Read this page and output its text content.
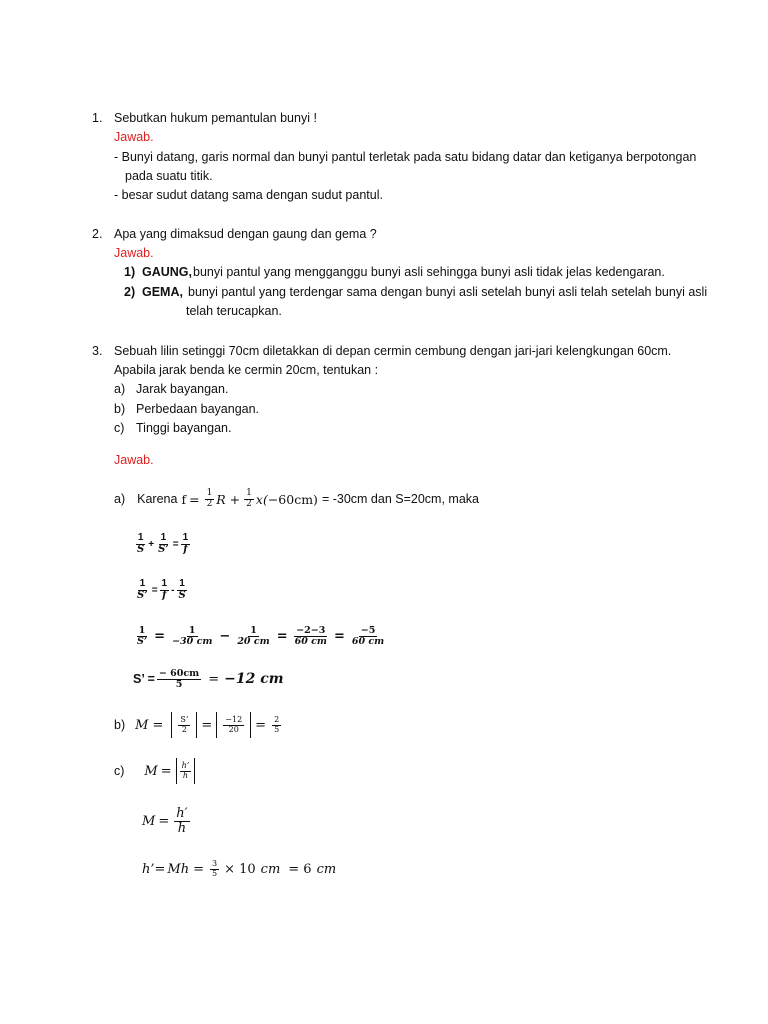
1. Sebutkan hukum pemantulan bunyi !
Jawab.
- Bunyi datang, garis normal dan bunyi pantul terletak pada satu bidang datar dan ketiganya berpotongan
pada suatu titik.
- besar sudut datang sama dengan sudut pantul.
2. Apa yang dimaksud dengan gaung dan gema ?
Jawab.
1) GAUNG, bunyi pantul yang mengganggu bunyi asli sehingga bunyi asli tidak jelas kedengaran.
2) GEMA, bunyi pantul yang terdengar sama dengan bunyi asli setelah bunyi asli telah setelah bunyi asli
telah terucapkan.
3. Sebuah lilin setinggi 70cm diletakkan di depan cermin cembung dengan jari-jari kelengkungan 60cm.
Apabila jarak benda ke cermin 20cm, tentukan :
a) Jarak bayangan.
b) Perbedaan bayangan.
c) Tinggi bayangan.
Jawab.
a) Karena $f = \frac{1}{2}$ $R + \frac{1}{2} x( -60cm) = -30cm$ dan S=20cm, maka
$\frac{1}{S} + \frac{1}{S’} = \frac{1}{f}$
$\frac{1}{S’} = \frac{1}{f} - \frac{1}{S}$
$\frac{1}{S’} = \frac{1}{-30 cm} - \frac{1}{20 cm} = \frac{-2-3}{60 cm} = \frac{-5}{60 cm}$
S’ = $\frac{- 60cm}{5} = -12$ cm
b) $M = \frac{S’}{2} = \frac{-12}{20} = \frac{2}{5}$
c) $M = \frac{h’}{h}$
$M = \frac{h'}{h}$
h’= $Mh = \frac{3}{5} \times 10$ cm = 6 cm
